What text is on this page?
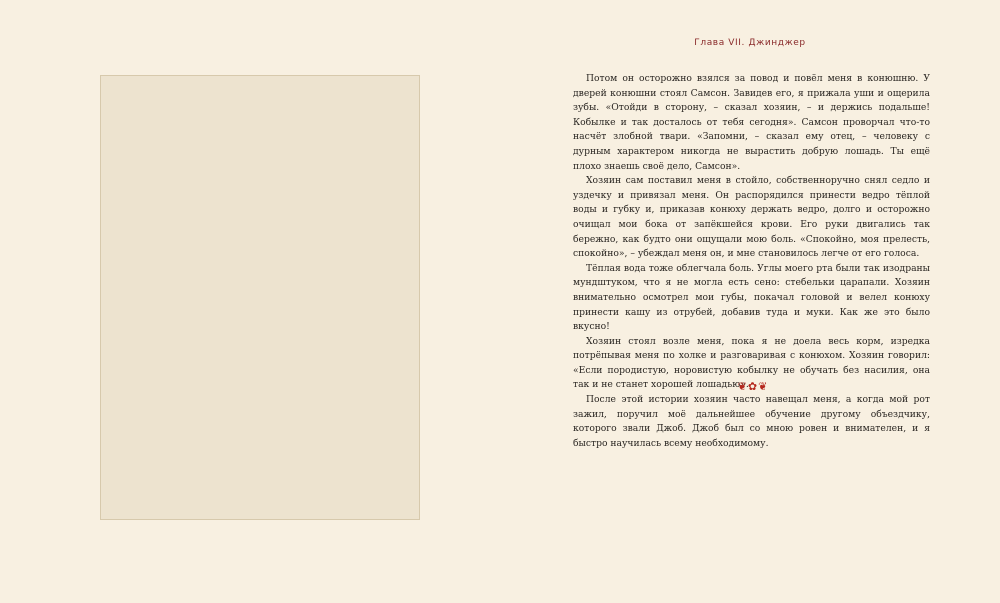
Глава VII. Джинджер

Потом он осторожно взялся за повод и повёл меня в конюшню. У дверей конюшни стоял Самсон. Завидев его, я прижала уши и ощерила зубы. «Отойди в сторону, – сказал хозяин, – и держись подальше! Кобылке и так досталось от тебя сегодня». Самсон проворчал что-то насчёт злобной твари. «Запомни, – сказал ему отец, – человеку с дурным характером никогда не вырастить добрую лошадь. Ты ещё плохо знаешь своё дело, Самсон».

Хозяин сам поставил меня в стойло, собственноручно снял седло и уздечку и привязал меня. Он распорядился принести ведро тёплой воды и губку и, приказав конюху держать ведро, долго и осторожно очищал мои бока от запёкшейся крови. Его руки двигались так бережно, как будто они ощущали мою боль. «Спокойно, моя прелесть, спокойно», – убеждал меня он, и мне становилось легче от его голоса.

Тёплая вода тоже облегчала боль. Углы моего рта были так изодраны мундштуком, что я не могла есть сено: стебельки царапали. Хозяин внимательно осмотрел мои губы, покачал головой и велел конюху принести кашу из отрубей, добавив туда и муки. Как же это было вкусно!

Хозяин стоял возле меня, пока я не доела весь корм, изредка потрёпывая меня по холке и разговаривая с конюхом. Хозяин говорил: «Если породистую, норовистую кобылку не обучать без насилия, она так и не станет хорошей лошадью».

После этой истории хозяин часто навещал меня, а когда мой рот зажил, поручил моё дальнейшее обучение другому объездчику, которого звали Джоб. Джоб был со мною ровен и внимателен, и я быстро научилась всему необходимому.

❦✿❦
